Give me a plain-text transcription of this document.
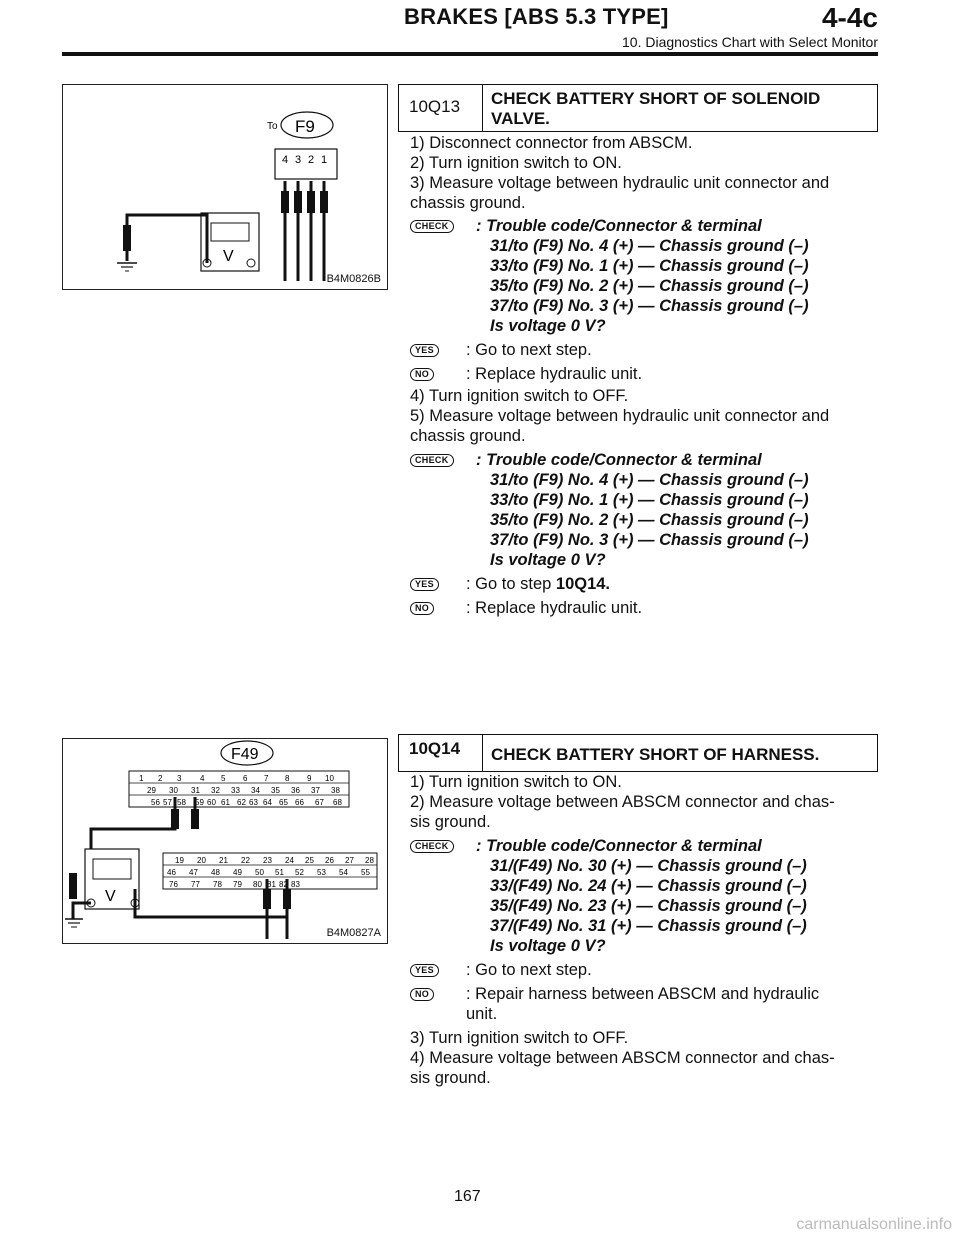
BRAKES [ABS 5.3 TYPE]	4-4c
10. Diagnostics Chart with Select Monitor
To F9
4 3 2 1
V
B4M0826B
F49
1 2 3 4 5 6 7 8 9 10
29 30 31 32 33 34 35 36 37 38
56 57 58 59 60 61 62 63 64 65 66 67 68
19 20 21 22 23 24 25 26 27 28
46 47 48 49 50 51 52 53 54 55
76 77 78 79 80 81 82 83
V
B4M0827A
10Q13	CHECK BATTERY SHORT OF SOLENOID VALVE.
1) Disconnect connector from ABSCM.
2) Turn ignition switch to ON.
3) Measure voltage between hydraulic unit connector and
chassis ground.
CHECK	: Trouble code/Connector & terminal
31/to (F9) No. 4 (+) — Chassis ground (–)
33/to (F9) No. 1 (+) — Chassis ground (–)
35/to (F9) No. 2 (+) — Chassis ground (–)
37/to (F9) No. 3 (+) — Chassis ground (–)
Is voltage 0 V?
YES	: Go to next step.
NO	: Replace hydraulic unit.
4) Turn ignition switch to OFF.
5) Measure voltage between hydraulic unit connector and
chassis ground.
CHECK	: Trouble code/Connector & terminal
31/to (F9) No. 4 (+) — Chassis ground (–)
33/to (F9) No. 1 (+) — Chassis ground (–)
35/to (F9) No. 2 (+) — Chassis ground (–)
37/to (F9) No. 3 (+) — Chassis ground (–)
Is voltage 0 V?
YES	: Go to step 10Q14.
NO	: Replace hydraulic unit.
10Q14	CHECK BATTERY SHORT OF HARNESS.
1) Turn ignition switch to ON.
2) Measure voltage between ABSCM connector and chas-
sis ground.
CHECK	: Trouble code/Connector & terminal
31/(F49) No. 30 (+) — Chassis ground (–)
33/(F49) No. 24 (+) — Chassis ground (–)
35/(F49) No. 23 (+) — Chassis ground (–)
37/(F49) No. 31 (+) — Chassis ground (–)
Is voltage 0 V?
YES	: Go to next step.
NO	: Repair harness between ABSCM and hydraulic
unit.
3) Turn ignition switch to OFF.
4) Measure voltage between ABSCM connector and chas-
sis ground.
167
carmanualsonline.info
